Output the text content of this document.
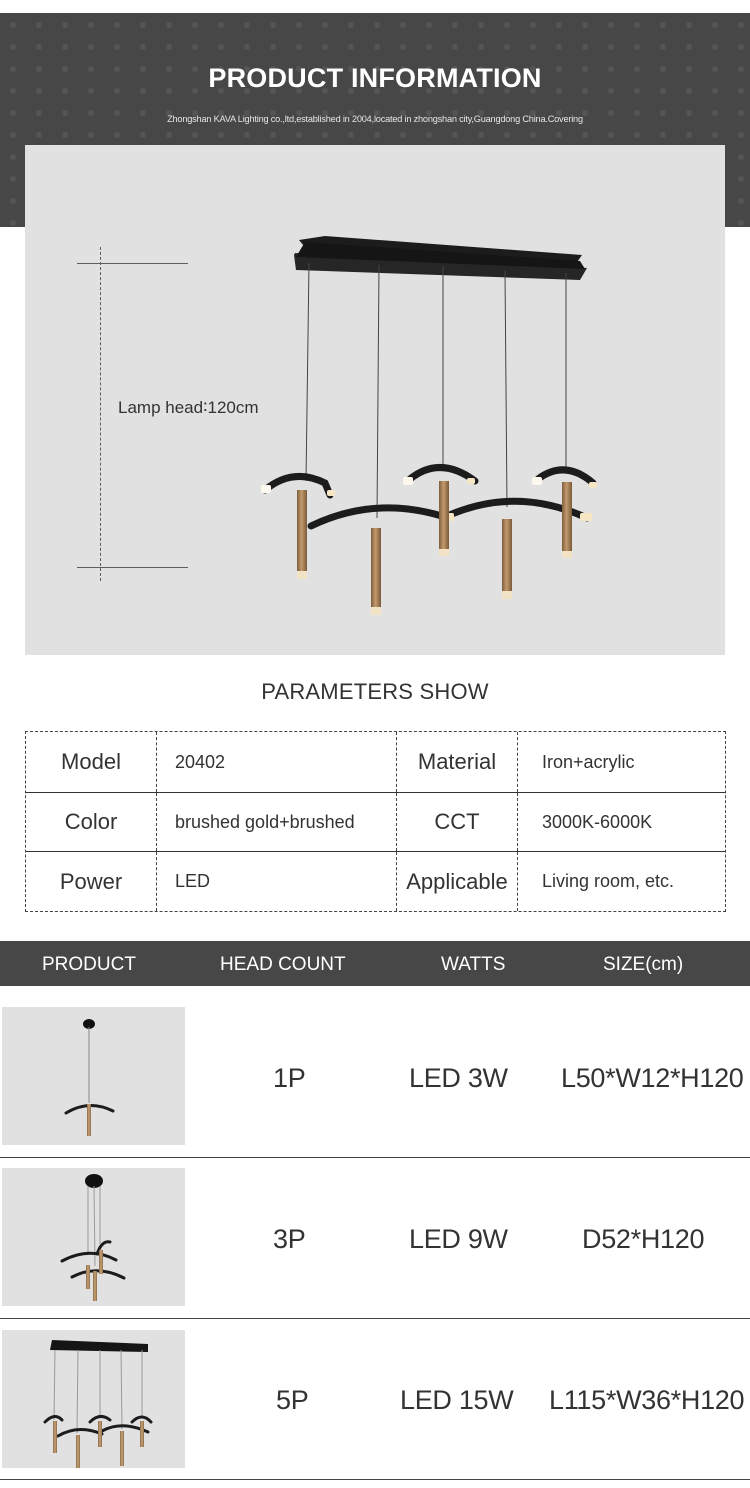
PRODUCT INFORMATION
Zhongshan KAVA Lighting co.,ltd,established in 2004,located in zhongshan city,Guangdong China.Covering
Lamp head∶120cm
PARAMETERS SHOW
Model	20402	Material	Iron+acrylic
Color	brushed gold+brushed	CCT	3000K-6000K
Power	LED	Applicable	Living room, etc.
PRODUCT	HEAD COUNT	WATTS	SIZE(cm)
1P	LED 3W L50*W12*H120
3P	LED 9W	D52*H120
5P	LED 15W L115*W36*H120
